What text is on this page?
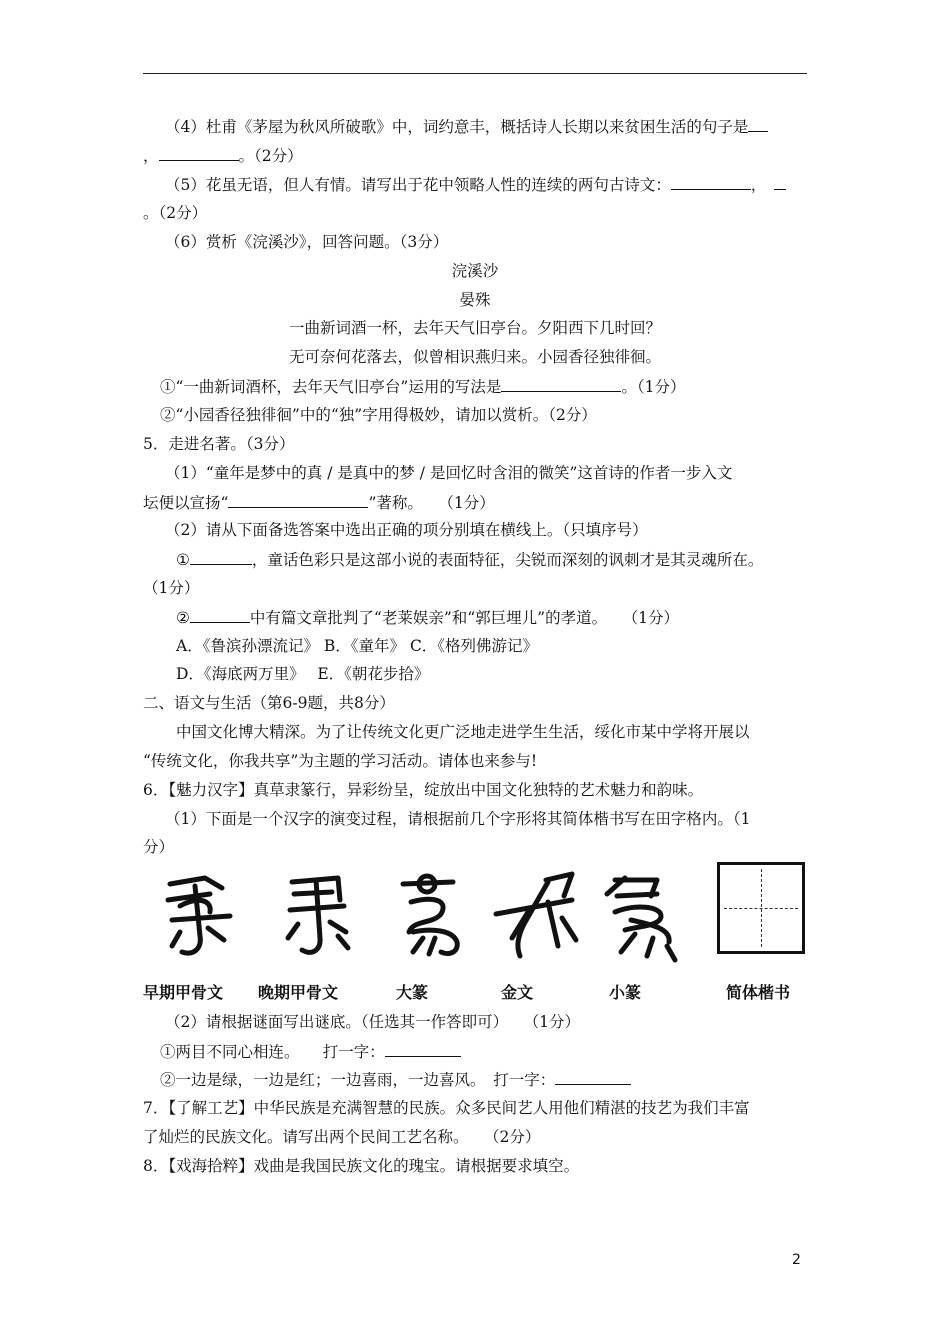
（4）杜甫《茅屋为秋风所破歌》中，词约意丰，概括诗人长期以来贫困生活的句子是
，	。（2分）
（5）花虽无语，但人有情。请写出于花中领略人性的连续的两句古诗文：	，
。（2分）
（6）赏析《浣溪沙》，回答问题。（3分）
浣溪沙
晏殊
一曲新词酒一杯，去年天气旧亭台。夕阳西下几时回？
无可奈何花落去，似曾相识燕归来。小园香径独徘徊。
①“一曲新词酒杯，去年天气旧亭台”运用的写法是	。（1分）
②“小园香径独徘徊”中的“独”字用得极妙，请加以赏析。（2分）
5．走进名著。（3分）
（1）“童年是梦中的真 / 是真中的梦 / 是回忆时含泪的微笑”这首诗的作者一步入文
坛便以宣扬“	”著称。　　（1分）
（2）请从下面备选答案中选出正确的项分别填在横线上。（只填序号）
①	，童话色彩只是这部小说的表面特征，尖锐而深刻的讽刺才是其灵魂所在。
（1分）
②	中有篇文章批判了“老莱娱亲”和“郭巨埋儿”的孝道。　　（1分）
A．《鲁滨孙漂流记》 B．《童年》 C．《格列佛游记》
D．《海底两万里》　 E．《朝花步拾》
二、语文与生活（第6-9题，共8分）
中国文化博大精深。为了让传统文化更广泛地走进学生生活，绥化市某中学将开展以
“传统文化，你我共享”为主题的学习活动。请体也来参与!
6．【魅力汉字】真草隶篆行，异彩纷呈，绽放出中国文化独特的艺术魅力和韵味。
（1）下面是一个汉字的演变过程，请根据前几个字形将其简体楷书写在田字格内。（1
分）
早期甲骨文 晚期甲骨文	大篆	金文	小篆	简体楷书
（2）请根据谜面写出谜底。（任选其一作答即可）　　（1分）
①两目不同心相连。　　打一字：
②一边是绿，一边是红；一边喜雨，一边喜风。　打一字：
7．【了解工艺】中华民族是充满智慧的民族。众多民间艺人用他们精湛的技艺为我们丰富
了灿烂的民族文化。请写出两个民间工艺名称。　　（2分）
8．【戏海拾粹】戏曲是我国民族文化的瑰宝。请根据要求填空。
2
